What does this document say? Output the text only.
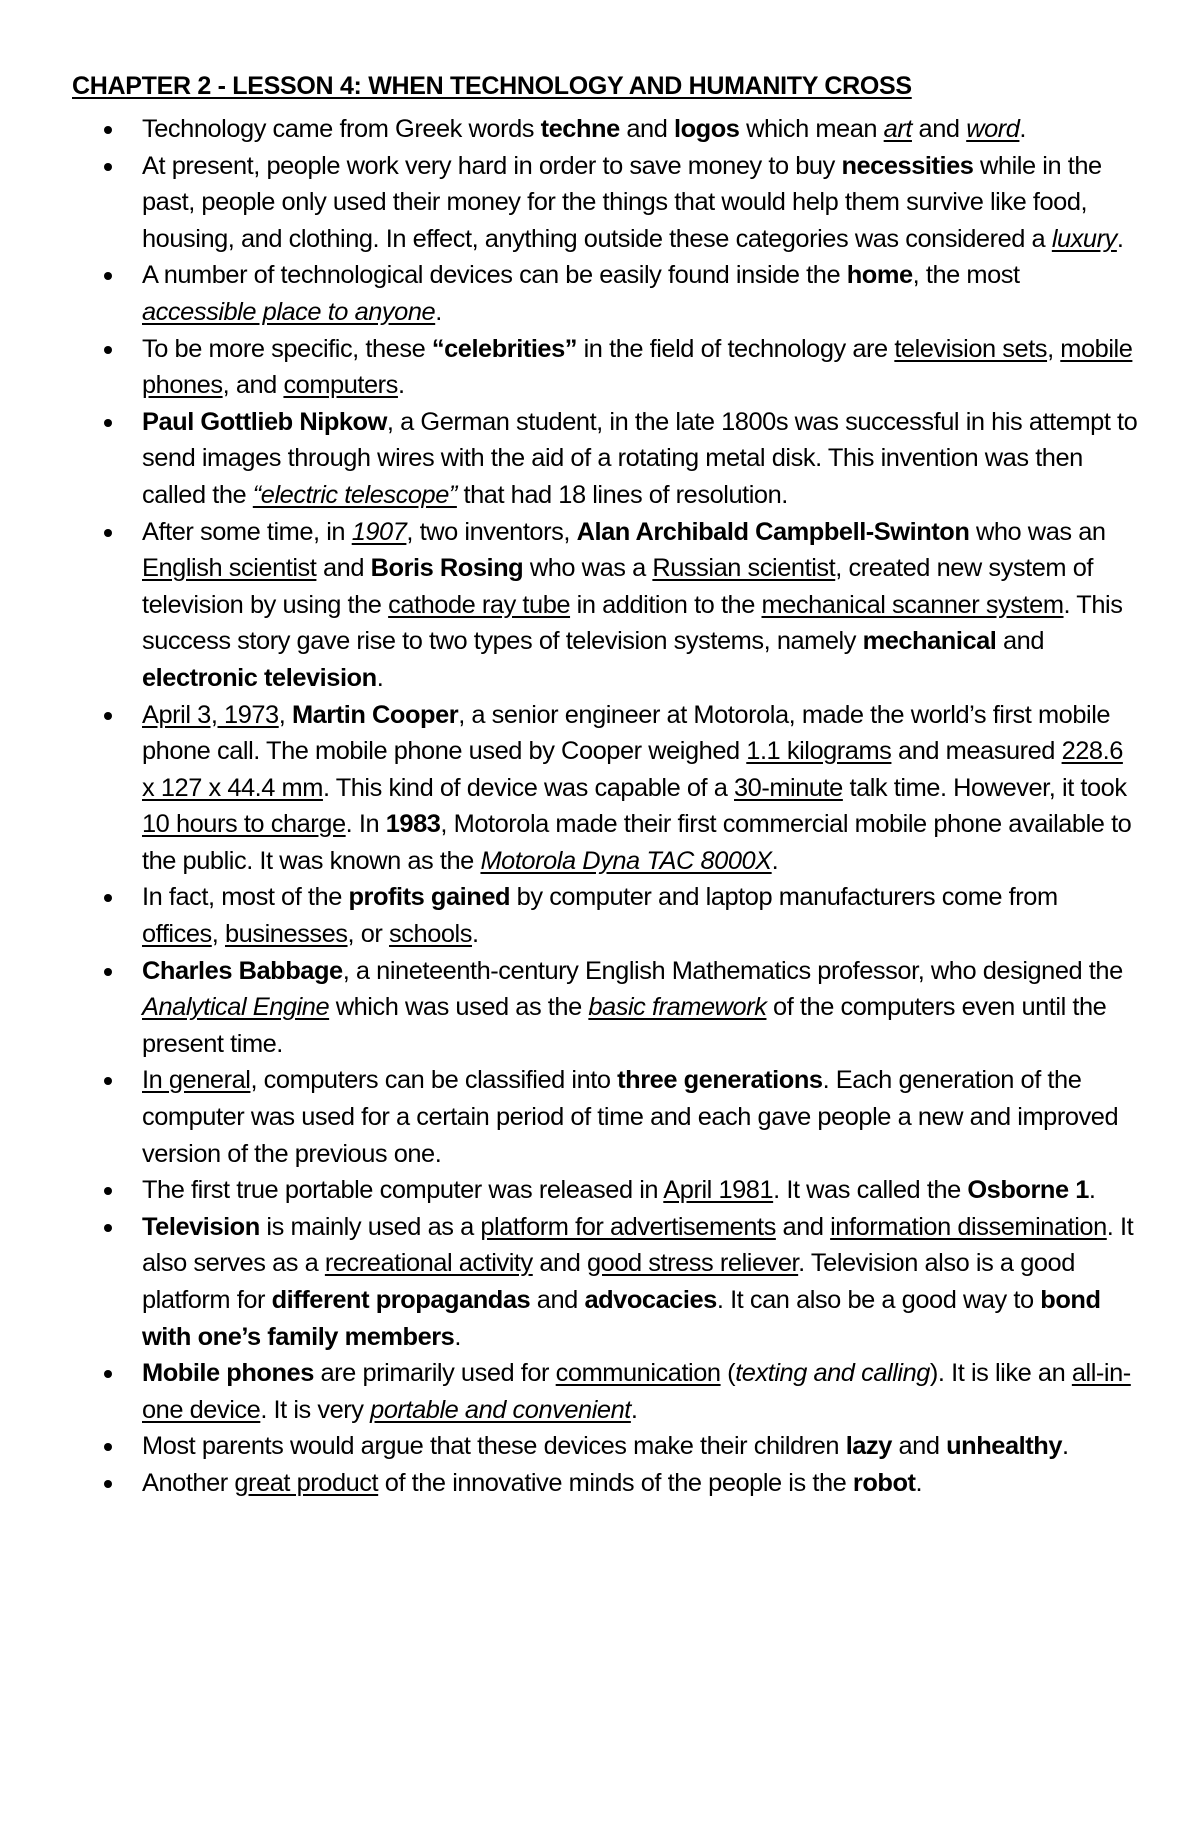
CHAPTER 2 - LESSON 4: WHEN TECHNOLOGY AND HUMANITY CROSS
Technology came from Greek words techne and logos which mean art and word.
At present, people work very hard in order to save money to buy necessities while in the past, people only used their money for the things that would help them survive like food, housing, and clothing. In effect, anything outside these categories was considered a luxury.
A number of technological devices can be easily found inside the home, the most accessible place to anyone.
To be more specific, these “celebrities” in the field of technology are television sets, mobile phones, and computers.
Paul Gottlieb Nipkow, a German student, in the late 1800s was successful in his attempt to send images through wires with the aid of a rotating metal disk. This invention was then called the “electric telescope” that had 18 lines of resolution.
After some time, in 1907, two inventors, Alan Archibald Campbell-Swinton who was an English scientist and Boris Rosing who was a Russian scientist, created new system of television by using the cathode ray tube in addition to the mechanical scanner system. This success story gave rise to two types of television systems, namely mechanical and electronic television.
April 3, 1973, Martin Cooper, a senior engineer at Motorola, made the world’s first mobile phone call. The mobile phone used by Cooper weighed 1.1 kilograms and measured 228.6 x 127 x 44.4 mm. This kind of device was capable of a 30-minute talk time. However, it took 10 hours to charge. In 1983, Motorola made their first commercial mobile phone available to the public. It was known as the Motorola Dyna TAC 8000X.
In fact, most of the profits gained by computer and laptop manufacturers come from offices, businesses, or schools.
Charles Babbage, a nineteenth-century English Mathematics professor, who designed the Analytical Engine which was used as the basic framework of the computers even until the present time.
In general, computers can be classified into three generations. Each generation of the computer was used for a certain period of time and each gave people a new and improved version of the previous one.
The first true portable computer was released in April 1981. It was called the Osborne 1.
Television is mainly used as a platform for advertisements and information dissemination. It also serves as a recreational activity and good stress reliever. Television also is a good platform for different propagandas and advocacies. It can also be a good way to bond with one’s family members.
Mobile phones are primarily used for communication (texting and calling). It is like an all-in-one device. It is very portable and convenient.
Most parents would argue that these devices make their children lazy and unhealthy.
Another great product of the innovative minds of the people is the robot.
